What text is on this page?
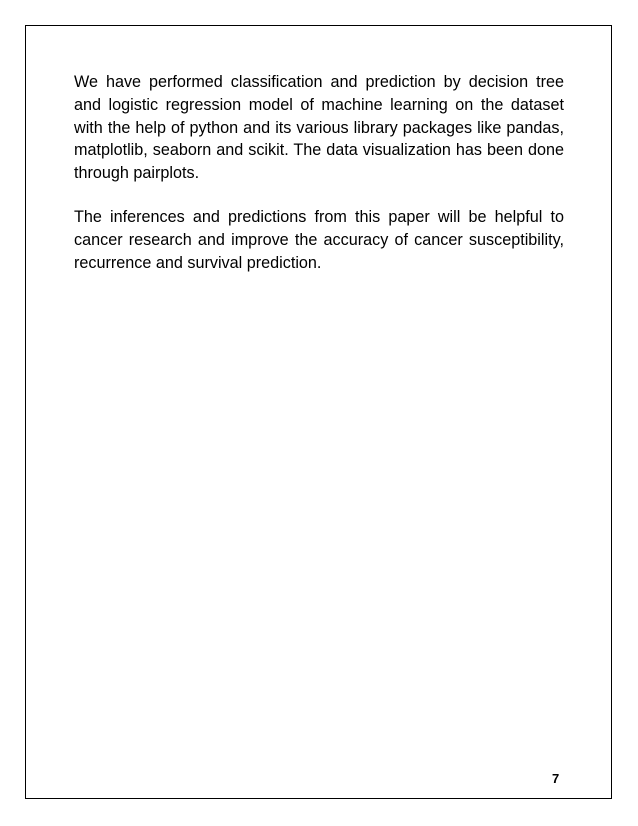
We have performed classification and prediction by decision tree and logistic regression model of machine learning on the dataset with the help of python and its various library packages like pandas, matplotlib, seaborn and scikit. The data visualization has been done through pairplots.

The inferences and predictions from this paper will be helpful to cancer research and improve the accuracy of cancer susceptibility, recurrence and survival prediction.

7
